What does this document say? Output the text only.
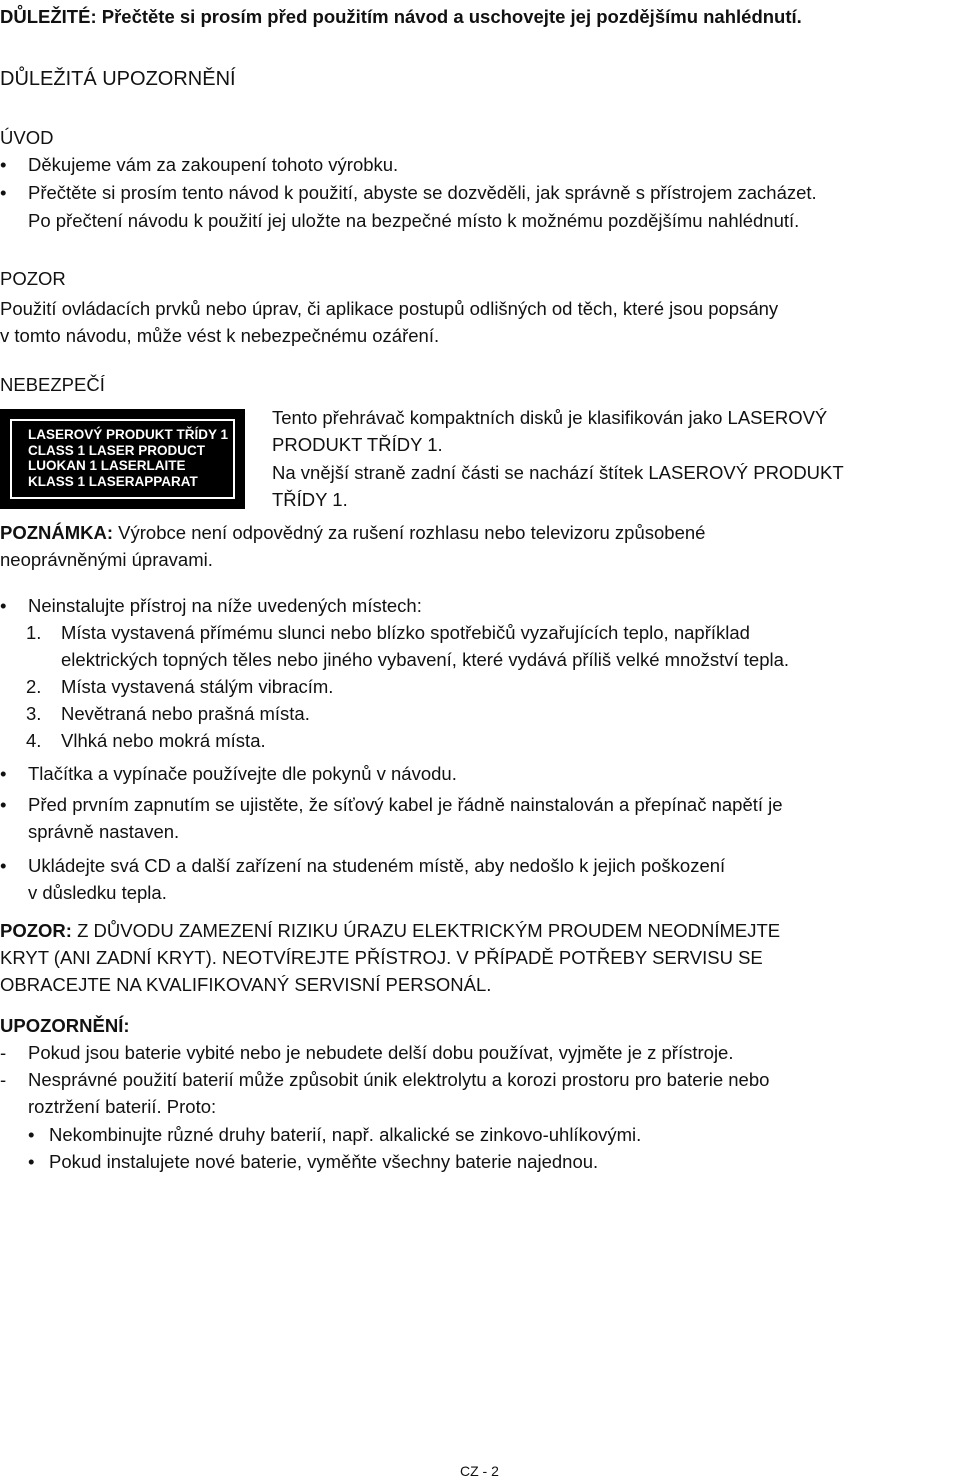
DŮLEŽITÉ: Přečtěte si prosím před použitím návod a uschovejte jej pozdějšímu nahlédnutí.
DŮLEŽITÁ UPOZORNĚNÍ
ÚVOD
• Děkujeme vám za zakoupení tohoto výrobku.
• Přečtěte si prosím tento návod k použití, abyste se dozvěděli, jak správně s přístrojem zacházet.
Po přečtení návodu k použití jej uložte na bezpečné místo k možnému pozdějšímu nahlédnutí.
POZOR
Použití ovládacích prvků nebo úprav, či aplikace postupů odlišných od těch, které jsou popsány
v tomto návodu, může vést k nebezpečnému ozáření.
NEBEZPEČÍ
LASEROVÝ PRODUKT TŘÍDY 1
CLASS 1 LASER PRODUCT
LUOKAN 1 LASERLAITE
KLASS 1 LASERAPPARAT
Tento přehrávač kompaktních disků je klasifikován jako LASEROVÝ
PRODUKT TŘÍDY 1.
Na vnější straně zadní části se nachází štítek LASEROVÝ PRODUKT
TŘÍDY 1.
POZNÁMKA: Výrobce není odpovědný za rušení rozhlasu nebo televizoru způsobené
neoprávněnými úpravami.
• Neinstalujte přístroj na níže uvedených místech:
1. Místa vystavená přímému slunci nebo blízko spotřebičů vyzařujících teplo, například
elektrických topných těles nebo jiného vybavení, které vydává příliš velké množství tepla.
2. Místa vystavená stálým vibracím.
3. Nevětraná nebo prašná místa.
4. Vlhká nebo mokrá místa.
• Tlačítka a vypínače používejte dle pokynů v návodu.
• Před prvním zapnutím se ujistěte, že síťový kabel je řádně nainstalován a přepínač napětí je
správně nastaven.
• Ukládejte svá CD a další zařízení na studeném místě, aby nedošlo k jejich poškození
v důsledku tepla.
POZOR: Z DŮVODU ZAMEZENÍ RIZIKU ÚRAZU ELEKTRICKÝM PROUDEM NEODNÍMEJTE
KRYT (ANI ZADNÍ KRYT). NEOTVÍREJTE PŘÍSTROJ. V PŘÍPADĚ POTŘEBY SERVISU SE
OBRACEJTE NA KVALIFIKOVANÝ SERVISNÍ PERSONÁL.
UPOZORNĚNÍ:
- Pokud jsou baterie vybité nebo je nebudete delší dobu používat, vyjměte je z přístroje.
- Nesprávné použití baterií může způsobit únik elektrolytu a korozi prostoru pro baterie nebo
roztržení baterií. Proto:
• Nekombinujte různé druhy baterií, např. alkalické se zinkovo-uhlíkovými.
• Pokud instalujete nové baterie, vyměňte všechny baterie najednou.
CZ - 2
